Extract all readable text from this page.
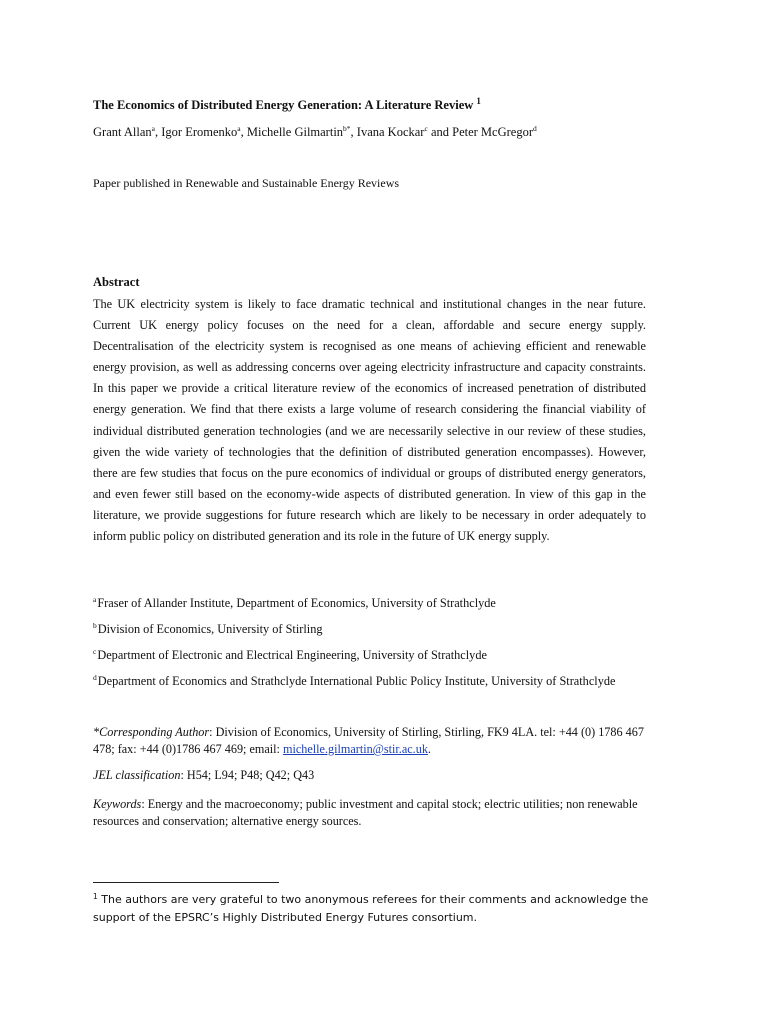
The Economics of Distributed Energy Generation: A Literature Review $^1$
Grant Allan$^a$, Igor Eromenko$^a$, Michelle Gilmartin$^{b*}$, Ivana Kockar$^c$ and Peter McGregor$^d$
Paper published in Renewable and Sustainable Energy Reviews
Abstract

The UK electricity system is likely to face dramatic technical and institutional changes in the near future. Current UK energy policy focuses on the need for a clean, affordable and secure energy supply. Decentralisation of the electricity system is recognised as one means of achieving efficient and renewable energy provision, as well as addressing concerns over ageing electricity infrastructure and capacity constraints. In this paper we provide a critical literature review of the economics of increased penetration of distributed energy generation. We find that there exists a large volume of research considering the financial viability of individual distributed generation technologies (and we are necessarily selective in our review of these studies, given the wide variety of technologies that the definition of distributed generation encompasses). However, there are few studies that focus on the pure economics of individual or groups of distributed energy generators, and even fewer still based on the economy-wide aspects of distributed generation. In view of this gap in the literature, we provide suggestions for future research which are likely to be necessary in order adequately to inform public policy on distributed generation and its role in the future of UK energy supply.

$^a$Fraser of Allander Institute, Department of Economics, University of Strathclyde
$^b$Division of Economics, University of Stirling
$^c$Department of Electronic and Electrical Engineering, University of Strathclyde
$^d$Department of Economics and Strathclyde International Public Policy Institute, University of Strathclyde

*Corresponding Author: Division of Economics, University of Stirling, Stirling, FK9 4LA. tel: +44 (0) 1786 467 478; fax: +44 (0)1786 467 469; email: michelle.gilmartin@stir.ac.uk.

JEL classification: H54; L94; P48; Q42; Q43

Keywords: Energy and the macroeconomy; public investment and capital stock; electric utilities; non renewable resources and conservation; alternative energy sources.

$^1$ The authors are very grateful to two anonymous referees for their comments and acknowledge the support of the EPSRC’s Highly Distributed Energy Futures consortium.
